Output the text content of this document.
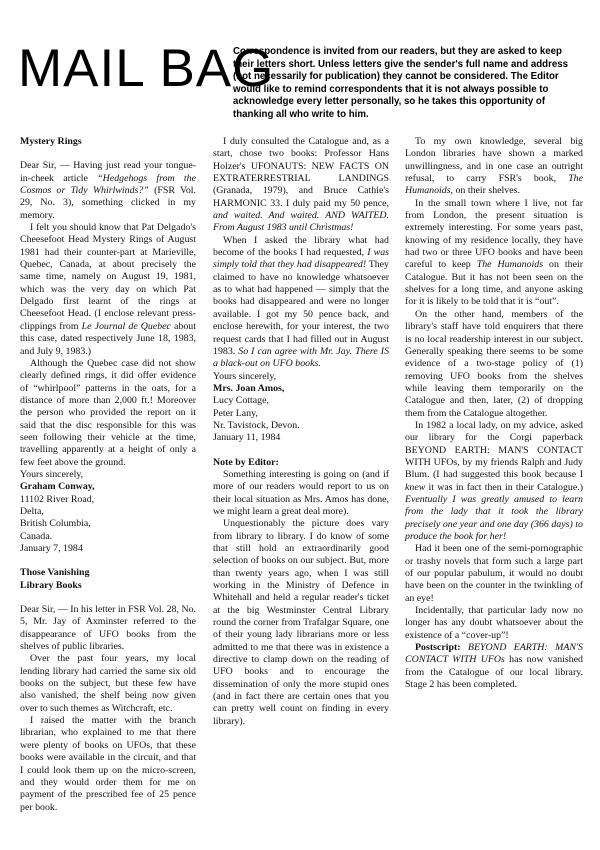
MAIL BAG
Correspondence is invited from our readers, but they are asked to keep their letters short. Unless letters give the sender's full name and address (not necessarily for publication) they cannot be considered. The Editor would like to remind correspondents that it is not always possible to acknowledge every letter personally, so he takes this opportunity of thanking all who write to him.

Mystery Rings

Dear Sir, — Having just read your tongue-in-cheek article “Hedgehogs from the Cosmos or Tidy Whirlwinds?” (FSR Vol. 29, No. 3), something clicked in my memory.

I felt you should know that Pat Delgado's Cheesefoot Head Mystery Rings of August 1981 had their counter-part at Marieville, Quebec, Canada, at about precisely the same time, namely on August 19, 1981, which was the very day on which Pat Delgado first learnt of the rings at Cheesefoot Head. (I enclose relevant press-clippings from Le Journal de Quebec about this case, dated respectively June 18, 1983, and July 9, 1983.)

Although the Quebec case did not show clearly defined rings, it did offer evidence of “whirlpool” patterns in the oats, for a distance of more than 2,000 ft.! Moreover the person who provided the report on it said that the disc responsible for this was seen following their vehicle at the time, travelling apparently at a height of only a few feet above the ground.

Yours sincerely,

Graham Conway,

11102 River Road,

Delta,

British Columbia,

Canada.

January 7, 1984

Those Vanishing

Library Books

Dear Sir, — In his letter in FSR Vol. 28, No. 5, Mr. Jay of Axminster referred to the disappearance of UFO books from the shelves of public libraries.

Over the past four years, my local lending library had carried the same six old books on the subject, but these few have also vanished, the shelf being now given over to such themes as Witchcraft, etc.

I raised the matter with the branch librarian, who explained to me that there were plenty of books on UFOs, that these books were available in the circuit, and that I could look them up on the micro-screen, and they would order them for me on payment of the prescribed fee of 25 pence per book.

I duly consulted the Catalogue and, as a start, chose two books: Professor Hans Holzer's UFONAUTS: NEW FACTS ON EXTRATERRESTRIAL LANDINGS (Granada, 1979), and Bruce Cathie's HARMONIC 33. I duly paid my 50 pence, and waited. And waited. AND WAITED. From August 1983 until Christmas!

When I asked the library what had become of the books I had requested, I was simply told that they had disappeared! They claimed to have no knowledge whatsoever as to what had happened — simply that the books had disappeared and were no longer available. I got my 50 pence back, and enclose herewith, for your interest, the two request cards that I had filled out in August 1983. So I can agree with Mr. Jay. There IS a black-out on UFO books.

Yours sincerely,

Mrs. Joan Amos,

Lucy Cottage,

Peter Lany,

Nr. Tavistock, Devon.

January 11, 1984

Note by Editor:

Something interesting is going on (and if more of our readers would report to us on their local situation as Mrs. Amos has done, we might learn a great deal more).

Unquestionably the picture does vary from library to library. I do know of some that still hold an extraordinarily good selection of books on our subject. But, more than twenty years ago, when I was still working in the Ministry of Defence in Whitehall and held a regular reader's ticket at the big Westminster Central Library round the corner from Trafalgar Square, one of their young lady librarians more or less admitted to me that there was in existence a directive to clamp down on the reading of UFO books and to encourage the dissemination of only the more stupid ones (and in fact there are certain ones that you can pretty well count on finding in every library).

To my own knowledge, several big London libraries have shown a marked unwillingness, and in one case an outright refusal, to carry FSR's book, The Humanoids, on their shelves.

In the small town where I live, not far from London, the present situation is extremely interesting. For some years past, knowing of my residence locally, they have had two or three UFO books and have been careful to keep The Humanoids on their Catalogue. But it has not been seen on the shelves for a long time, and anyone asking for it is likely to be told that it is “out”.

On the other hand, members of the library's staff have told enquirers that there is no local readership interest in our subject. Generally speaking there seems to be some evidence of a two-stage policy of (1) removing UFO books from the shelves while leaving them temporarily on the Catalogue and then, later, (2) of dropping them from the Catalogue altogether.

In 1982 a local lady, on my advice, asked our library for the Corgi paperback BEYOND EARTH: MAN'S CONTACT WITH UFOs, by my friends Ralph and Judy Blum. (I had suggested this book because I knew it was in fact then in their Catalogue.) Eventually I was greatly amused to learn from the lady that it took the library precisely one year and one day (366 days) to produce the book for her!

Had it been one of the semi-pornographic or trashy novels that form such a large part of our popular pabulum, it would no doubt have been on the counter in the twinkling of an eye!

Incidentally, that particular lady now no longer has any doubt whatsoever about the existence of a “cover-up”!

Postscript: BEYOND EARTH: MAN'S CONTACT WITH UFOs has now vanished from the Catalogue of our local library. Stage 2 has been completed.
